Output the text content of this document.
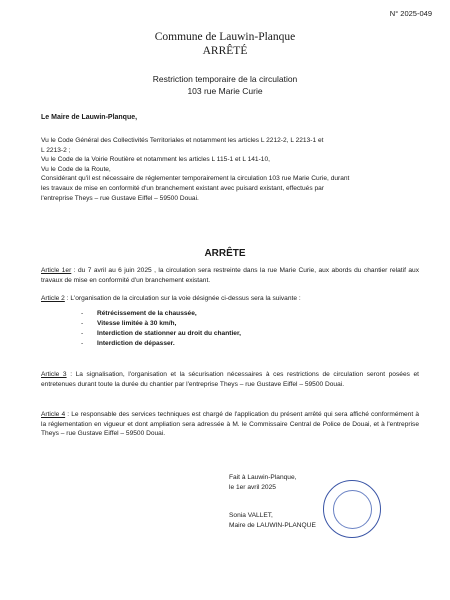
N° 2025-049
Commune de Lauwin-Planque
ARRÊTÉ
Restriction temporaire de la circulation
103 rue Marie Curie
Le Maire de Lauwin-Planque,
Vu le Code Général des Collectivités Territoriales et notamment les articles L 2212-2, L 2213-1 et
L 2213-2 ;
Vu le Code de la Voirie Routière et notamment les articles L 115-1 et L 141-10,
Vu le Code de la Route,
Considérant qu'il est nécessaire de réglementer temporairement la circulation 103 rue Marie Curie, durant
les travaux de mise en conformité d'un branchement existant avec puisard existant, effectués par
l'entreprise Theys – rue Gustave Eiffel – 59500 Douai.
ARRÊTE
Article 1er : du 7 avril au 6 juin 2025 , la circulation sera restreinte dans la rue Marie Curie, aux abords du chantier relatif aux travaux de mise en conformité d'un branchement existant.
Article 2 : L'organisation de la circulation sur la voie désignée ci-dessus sera la suivante :
- Rétrécissement de la chaussée,
- Vitesse limitée à 30 km/h,
- Interdiction de stationner au droit du chantier,
- Interdiction de dépasser.
Article 3 : La signalisation, l'organisation et la sécurisation nécessaires à ces restrictions de circulation seront posées et entretenues durant toute la durée du chantier par l'entreprise Theys – rue Gustave Eiffel – 59500 Douai.
Article 4 : Le responsable des services techniques est chargé de l'application du présent arrêté qui sera affiché conformément à la réglementation en vigueur et dont ampliation sera adressée à M. le Commissaire Central de Police de Douai, et à l'entreprise Theys – rue Gustave Eiffel – 59500 Douai.
Fait à Lauwin-Planque,
le 1er avril 2025
Sonia VALLET,
Maire de LAUWIN-PLANQUE
